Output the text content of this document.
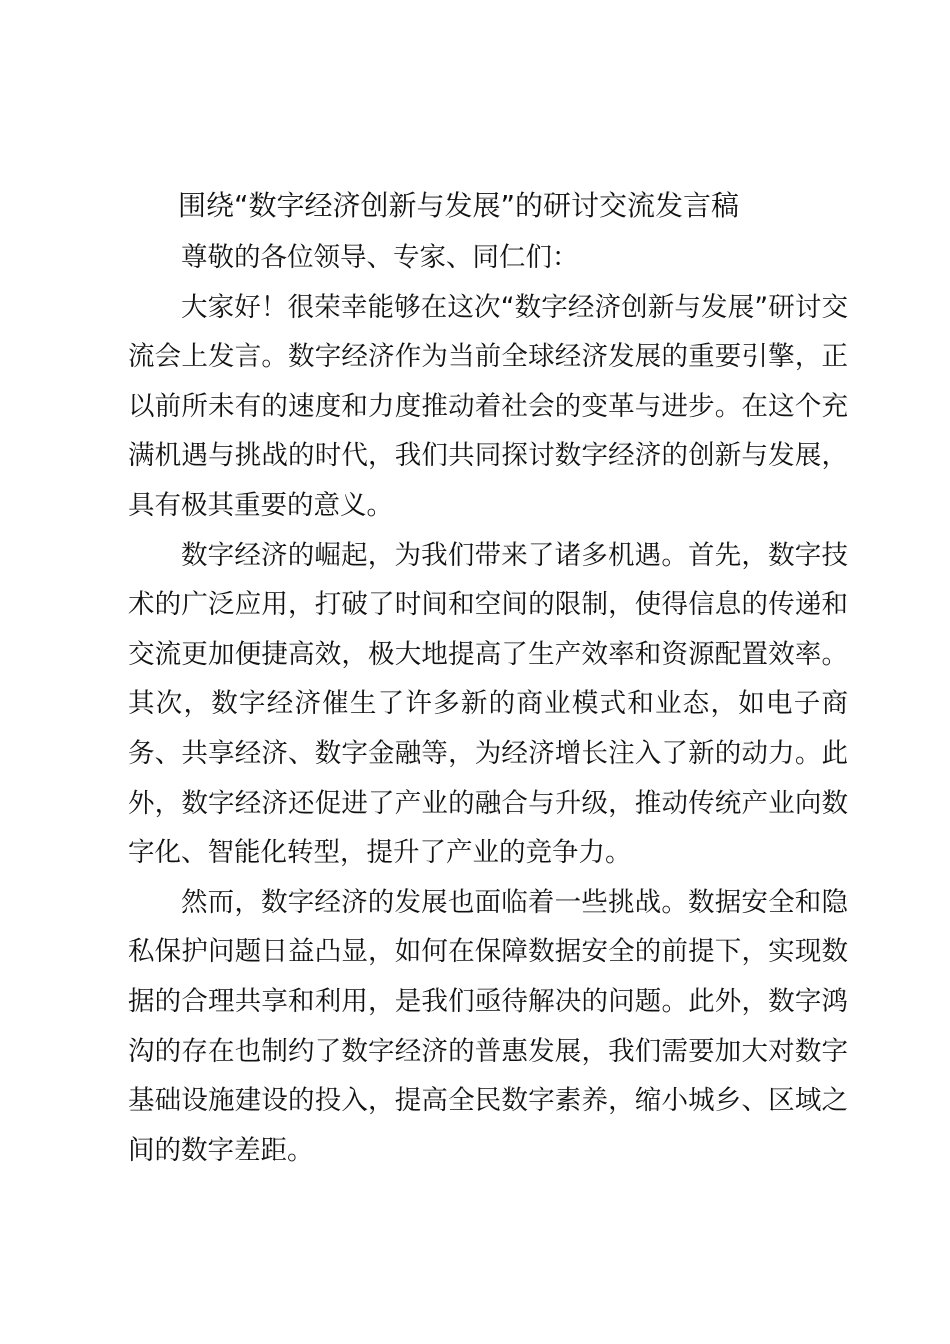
围绕“数字经济创新与发展”的研讨交流发言稿

尊敬的各位领导、专家、同仁们：

大家好！很荣幸能够在这次“数字经济创新与发展”研讨交流会上发言。数字经济作为当前全球经济发展的重要引擎，正以前所未有的速度和力度推动着社会的变革与进步。在这个充满机遇与挑战的时代，我们共同探讨数字经济的创新与发展，具有极其重要的意义。

数字经济的崛起，为我们带来了诸多机遇。首先，数字技术的广泛应用，打破了时间和空间的限制，使得信息的传递和交流更加便捷高效，极大地提高了生产效率和资源配置效率。其次，数字经济催生了许多新的商业模式和业态，如电子商务、共享经济、数字金融等，为经济增长注入了新的动力。此外，数字经济还促进了产业的融合与升级，推动传统产业向数字化、智能化转型，提升了产业的竞争力。

然而，数字经济的发展也面临着一些挑战。数据安全和隐私保护问题日益凸显，如何在保障数据安全的前提下，实现数据的合理共享和利用，是我们亟待解决的问题。此外，数字鸿沟的存在也制约了数字经济的普惠发展，我们需要加大对数字基础设施建设的投入，提高全民数字素养，缩小城乡、区域之间的数字差距。
